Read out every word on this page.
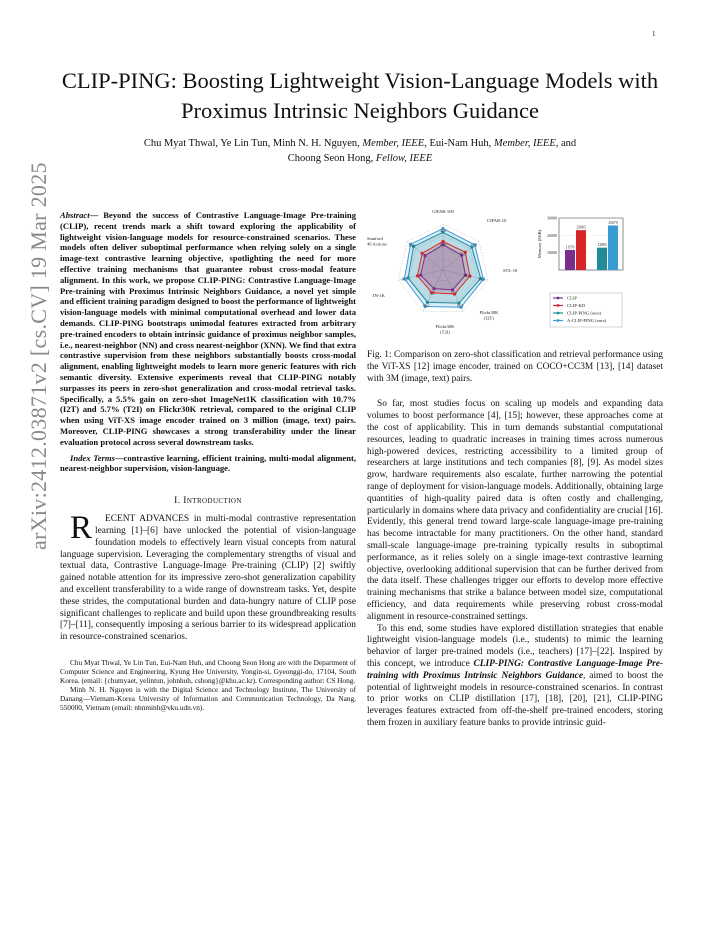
1
arXiv:2412.03871v2 [cs.CV] 19 Mar 2025
CLIP-PING: Boosting Lightweight Vision-Language Models with
Proximus Intrinsic Neighbors Guidance
Chu Myat Thwal, Ye Lin Tun, Minh N. H. Nguyen, Member, IEEE, Eui-Nam Huh, Member, IEEE, and
Choong Seon Hong, Fellow, IEEE

Abstract— Beyond the success of Contrastive Language-Image Pre-training (CLIP), recent trends mark a shift toward exploring the applicability of lightweight vision-language models for resource-constrained scenarios. These models often deliver suboptimal performance when relying solely on a single image-text contrastive learning objective, spotlighting the need for more effective training mechanisms that guarantee robust cross-modal feature alignment. In this work, we propose CLIP-PING: Contrastive Language-Image Pre-training with Proximus Intrinsic Neighbors Guidance, a novel yet simple and efficient training paradigm designed to boost the performance of lightweight vision-language models with minimal computational overhead and lower data demands. CLIP-PING bootstraps unimodal features extracted from arbitrary pre-trained encoders to obtain intrinsic guidance of proximus neighbor samples, i.e., nearest-neighbor (NN) and cross nearest-neighbor (XNN). We find that extra contrastive supervision from these neighbors substantially boosts cross-modal alignment, enabling lightweight models to learn more generic features with rich semantic diversity. Extensive experiments reveal that CLIP-PING notably surpasses its peers in zero-shot generalization and cross-modal retrieval tasks. Specifically, a 5.5% gain on zero-shot ImageNet1K classification with 10.7% (I2T) and 5.7% (T2I) on Flickr30K retrieval, compared to the original CLIP when using ViT-XS image encoder trained on 3 million (image, text) pairs. Moreover, CLIP-PING showcases a strong transferability under the linear evaluation protocol across several downstream tasks.

Index Terms—contrastive learning, efficient training, multi-modal alignment, nearest-neighbor supervision, vision-language.
I. Introduction

R ECENT ADVANCES in multi-modal contrastive representation learning [1]–[6] have unlocked the potential of vision-language foundation models to effectively learn visual concepts from natural language supervision. Leveraging the complementary strengths of visual and textual data, Contrastive Language-Image Pre-training (CLIP) [2] swiftly gained notable attention for its impressive zero-shot generalization capability and excellent transferability to a wide range of downstream tasks. Yet, despite these strides, the computational burden and data-hungry nature of CLIP pose significant challenges to replicate and build upon these groundbreaking results [7]–[11], consequently imposing a serious barrier to its widespread application in resource-constrained scenarios.

Chu Myat Thwal, Ye Lin Tun, Eui-Nam Huh, and Choong Seon Hong are with the Department of Computer Science and Engineering, Kyung Hee University, Yongin-si, Gyeonggi-do, 17104, South Korea. (email: {chumyaet, yelintun, johnhuh, cshong}@khu.ac.kr). Corresponding author: CS Hong.

Minh N. H. Nguyen is with the Digital Science and Technology Institute, The University of Danang—Vietnam-Korea University of Information and Communication Technology, Da Nang, 550000, Vietnam (email: nhnminh@vku.udn.vn).

CIFAR-100
CIFAR-10
STL-10
Flickr30K
(I2T)
Flickr30K
(T2I)
IN-1K
Stanford
40 Actions
42.8
71.9
93.2
61.8
48.4
35.1
23.0	83.9
56.9
88.4
67.1
53.3
10000
20000
30000
Memory (MiB)	11570
23003
12883
25679
CLIP
CLIP-KD
CLIP-PING (ours)
A-CLIP-PING (ours)
Fig. 1: Comparison on zero-shot classification and retrieval performance using the ViT-XS [12] image encoder, trained on COCO+CC3M [13], [14] dataset with 3M (image, text) pairs.

So far, most studies focus on scaling up models and expanding data volumes to boost performance [4], [15]; however, these approaches come at the cost of applicability. This in turn demands substantial computational resources, leading to quadratic increases in training times across numerous high-powered devices, restricting accessibility to a limited group of researchers at large institutions and tech companies [8], [9]. As model sizes grow, hardware requirements also escalate, further narrowing the potential range of deployment for vision-language models. Additionally, obtaining large quantities of high-quality paired data is often costly and challenging, particularly in domains where data privacy and confidentiality are crucial [16]. Evidently, this general trend toward large-scale language-image pre-training has become intractable for many practitioners. On the other hand, standard small-scale language-image pre-training typically results in suboptimal performance, as it relies solely on a single image-text contrastive learning objective, overlooking additional supervision that can be further derived from the data itself. These challenges trigger our efforts to develop more effective training mechanisms that strike a balance between model size, computational efficiency, and data requirements while preserving robust cross-modal alignment in resource-constrained settings.

To this end, some studies have explored distillation strategies that enable lightweight vision-language models (i.e., students) to mimic the learning behavior of larger pre-trained models (i.e., teachers) [17]–[22]. Inspired by this concept, we introduce CLIP-PING: Contrastive Language-Image Pre-training with Proximus Intrinsic Neighbors Guidance, aimed to boost the potential of lightweight models in resource-constrained scenarios. In contrast to prior works on CLIP distillation [17], [18], [20], [21], CLIP-PING leverages features extracted from off-the-shelf pre-trained encoders, storing them frozen in auxiliary feature banks to provide intrinsic guid-
